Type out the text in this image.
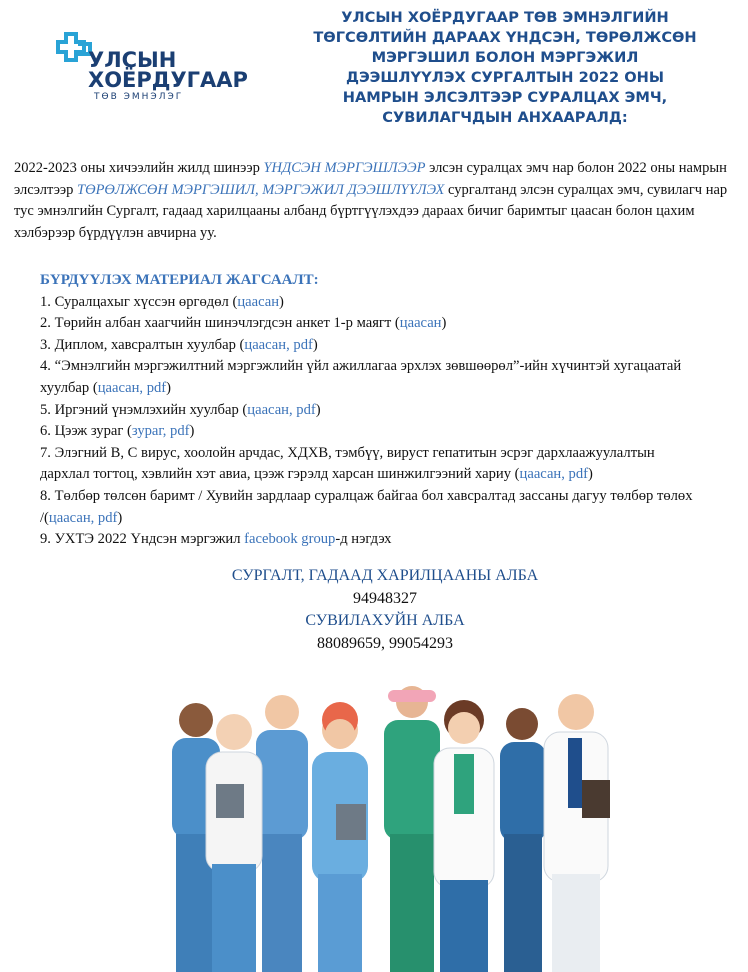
УЛСЫН
ХОЁРДУГААР
ТӨВ ЭМНЭЛЭГ
УЛСЫН ХОЁРДУГААР ТӨВ ЭМНЭЛГИЙН
ТӨГСӨЛТИЙН ДАРААХ ҮНДСЭН, ТӨРӨЛЖСӨН
МЭРГЭШИЛ БОЛОН МЭРГЭЖИЛ
ДЭЭШЛҮҮЛЭХ СУРГАЛТЫН 2022 ОНЫ
НАМРЫН ЭЛСЭЛТЭЭР СУРАЛЦАХ ЭМЧ,
СУВИЛАГЧДЫН АНХААРАЛД:
2022-2023 оны хичээлийн жилд шинээр ҮНДСЭН МЭРГЭШЛЭЭР элсэн суралцах эмч нар болон 2022 оны намрын элсэлтээр ТӨРӨЛЖСӨН МЭРГЭШИЛ, МЭРГЭЖИЛ ДЭЭШЛҮҮЛЭХ сургалтанд элсэн суралцах эмч, сувилагч нар тус эмнэлгийн Сургалт, гадаад харилцааны албанд бүртгүүлэхдээ дараах бичиг баримтыг цаасан болон цахим хэлбэрээр бүрдүүлэн авчирна уу.
БҮРДҮҮЛЭХ МАТЕРИАЛ ЖАГСААЛТ:
1. Суралцахыг хүссэн өргөдөл (цаасан)
2. Төрийн албан хаагчийн шинэчлэгдсэн анкет 1-р маягт (цаасан)
3. Диплом, хавсралтын хуулбар (цаасан, pdf)
4. “Эмнэлгийн мэргэжилтний мэргэжлийн үйл ажиллагаа эрхлэх зөвшөөрөл”-ийн хүчинтэй хугацаатай
хуулбар (цаасан, pdf)
5. Иргэний үнэмлэхийн хуулбар (цаасан, pdf)
6. Цээж зураг (зураг, pdf)
7. Элэгний B, C вирус, хоолойн арчдас, ХДХВ, тэмбүү, вируст гепатитын эсрэг дархлаажуулалтын
дархлал тогтоц, хэвлийн хэт авиа, цээж гэрэлд харсан шинжилгээний хариу (цаасан, pdf)
8. Төлбөр төлсөн баримт / Хувийн зардлаар суралцаж байгаа бол хавсралтад зассаны дагуу төлбөр төлөх
/(цаасан, pdf)
9. УХТЭ 2022 Үндсэн мэргэжил facebook group-д нэгдэх
СУРГАЛТ, ГАДААД ХАРИЛЦААНЫ АЛБА
94948327
СУВИЛАХУЙН АЛБА
88089659, 99054293
